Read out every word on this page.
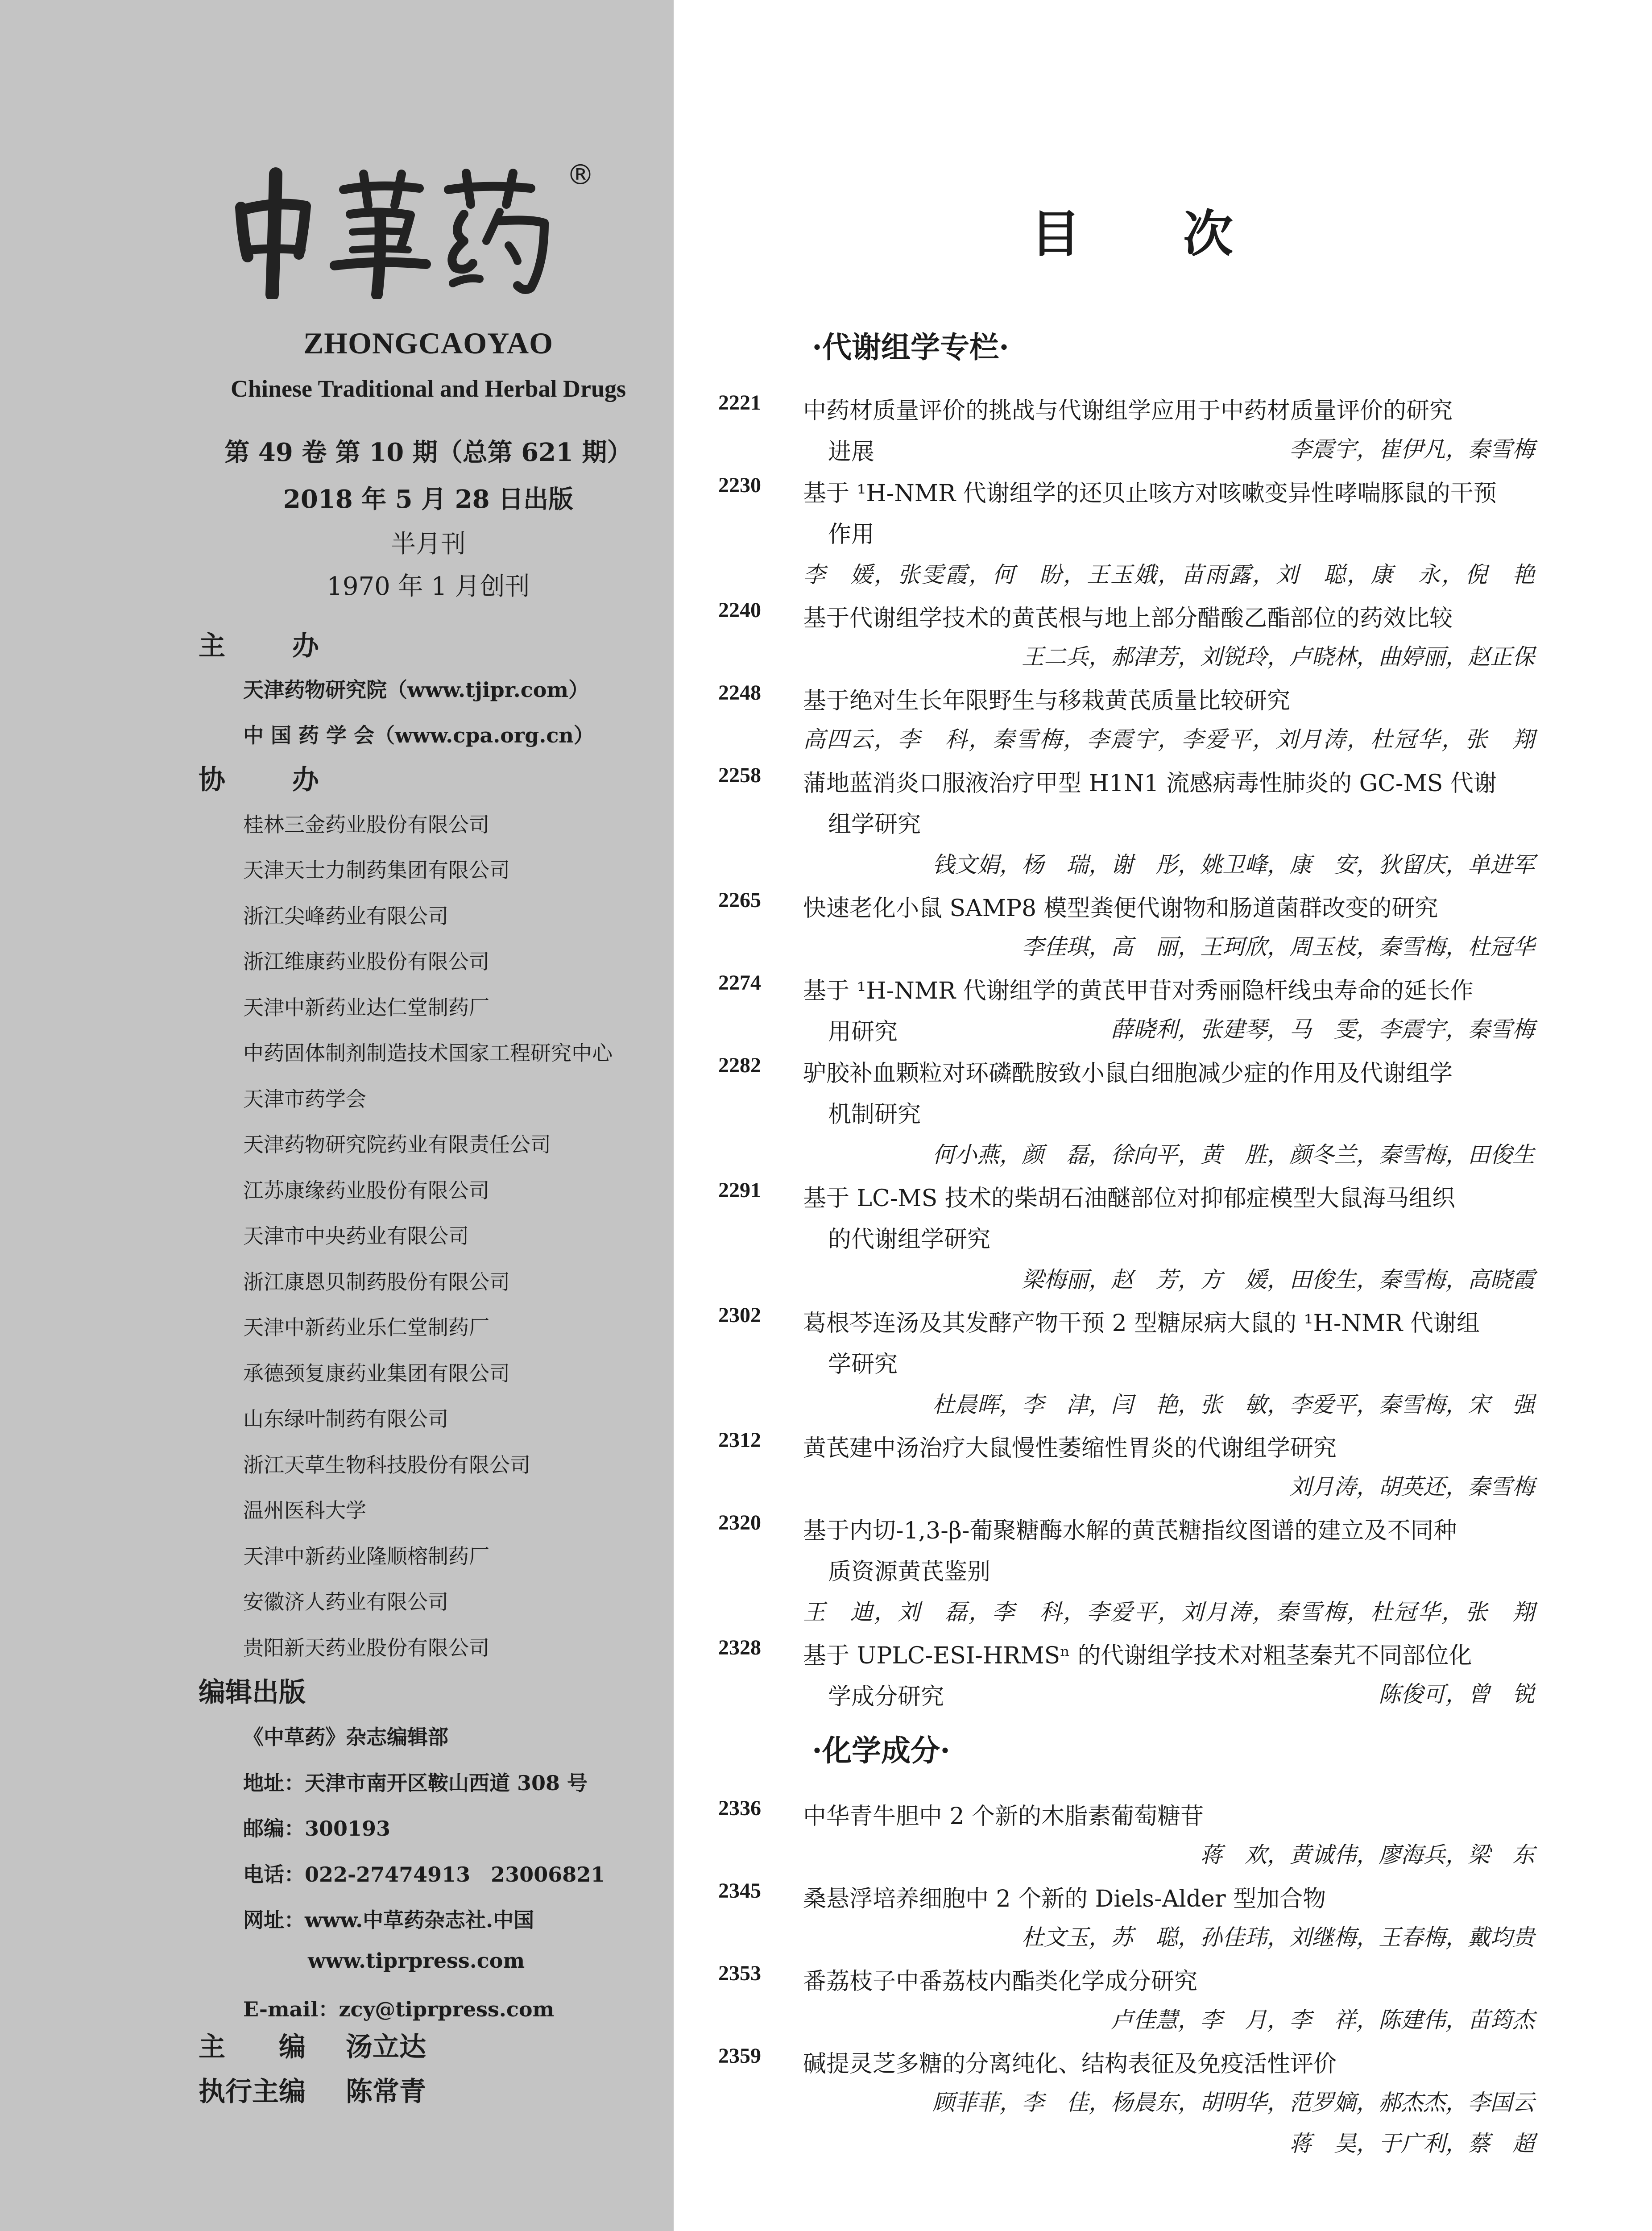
®
ZHONGCAOYAO
Chinese Traditional and Herbal Drugs
第 49 卷 第 10 期（总第 621 期）
2018 年 5 月 28 日出版
半月刊
1970 年 1 月创刊
主	办
天津药物研究院（www.tjipr.com）
中 国 药 学 会（www.cpa.org.cn）
协	办
桂林三金药业股份有限公司
天津天士力制药集团有限公司
浙江尖峰药业有限公司
浙江维康药业股份有限公司
天津中新药业达仁堂制药厂
中药固体制剂制造技术国家工程研究中心
天津市药学会
天津药物研究院药业有限责任公司
江苏康缘药业股份有限公司
天津市中央药业有限公司
浙江康恩贝制药股份有限公司
天津中新药业乐仁堂制药厂
承德颈复康药业集团有限公司
山东绿叶制药有限公司
浙江天草生物科技股份有限公司
温州医科大学
天津中新药业隆顺榕制药厂
安徽济人药业有限公司
贵阳新天药业股份有限公司
编辑出版
《中草药》杂志编辑部
地址：天津市南开区鞍山西道 308 号
邮编：300193
电话：022-27474913　23006821
网址：www.中草药杂志社.中国
www.tiprpress.com
E-mail：zcy@tiprpress.com
主　　编 汤立达
执行主编 陈常青
目 次
·代谢组学专栏·
2221	中药材质量评价的挑战与代谢组学应用于中药材质量评价的研究
进展	李震宇，崔伊凡，秦雪梅
2230	基于 ¹H-NMR 代谢组学的还贝止咳方对咳嗽变异性哮喘豚鼠的干预
作用
李　媛，张雯霞，何　盼，王玉娥，苗雨露，刘　聪，康　永，倪　艳
2240	基于代谢组学技术的黄芪根与地上部分醋酸乙酯部位的药效比较
王二兵，郝津芳，刘锐玲，卢晓林，曲婷丽，赵正保
2248	基于绝对生长年限野生与移栽黄芪质量比较研究
高四云，李　科，秦雪梅，李震宇，李爱平，刘月涛，杜冠华，张　翔
2258	蒲地蓝消炎口服液治疗甲型 H1N1 流感病毒性肺炎的 GC-MS 代谢
组学研究
钱文娟，杨　瑞，谢　彤，姚卫峰，康　安，狄留庆，单进军
2265	快速老化小鼠 SAMP8 模型粪便代谢物和肠道菌群改变的研究
李佳琪，高　丽，王珂欣，周玉枝，秦雪梅，杜冠华
2274	基于 ¹H-NMR 代谢组学的黄芪甲苷对秀丽隐杆线虫寿命的延长作
用研究	薛晓利，张建琴，马　雯，李震宇，秦雪梅
2282	驴胶补血颗粒对环磷酰胺致小鼠白细胞减少症的作用及代谢组学
机制研究
何小燕，颜　磊，徐向平，黄　胜，颜冬兰，秦雪梅，田俊生
2291	基于 LC-MS 技术的柴胡石油醚部位对抑郁症模型大鼠海马组织
的代谢组学研究
梁梅丽，赵　芳，方　媛，田俊生，秦雪梅，高晓霞
2302	葛根芩连汤及其发酵产物干预 2 型糖尿病大鼠的 ¹H-NMR 代谢组
学研究
杜晨晖，李　津，闫　艳，张　敏，李爱平，秦雪梅，宋　强
2312	黄芪建中汤治疗大鼠慢性萎缩性胃炎的代谢组学研究
刘月涛，胡英还，秦雪梅
2320	基于内切-1,3-β-葡聚糖酶水解的黄芪糖指纹图谱的建立及不同种
质资源黄芪鉴别
王　迪，刘　磊，李　科，李爱平，刘月涛，秦雪梅，杜冠华，张　翔
2328	基于 UPLC-ESI-HRMSⁿ 的代谢组学技术对粗茎秦艽不同部位化
学成分研究	陈俊可，曾　锐
·化学成分·
2336	中华青牛胆中 2 个新的木脂素葡萄糖苷
蒋　欢，黄诚伟，廖海兵，梁　东
2345	桑悬浮培养细胞中 2 个新的 Diels-Alder 型加合物
杜文玉，苏　聪，孙佳玮，刘继梅，王春梅，戴均贵
2353	番荔枝子中番荔枝内酯类化学成分研究
卢佳慧，李　月，李　祥，陈建伟，苗筠杰
2359	碱提灵芝多糖的分离纯化、结构表征及免疫活性评价
顾菲菲，李　佳，杨晨东，胡明华，范罗嫡，郝杰杰，李国云
蒋　昊，于广利，蔡　超
